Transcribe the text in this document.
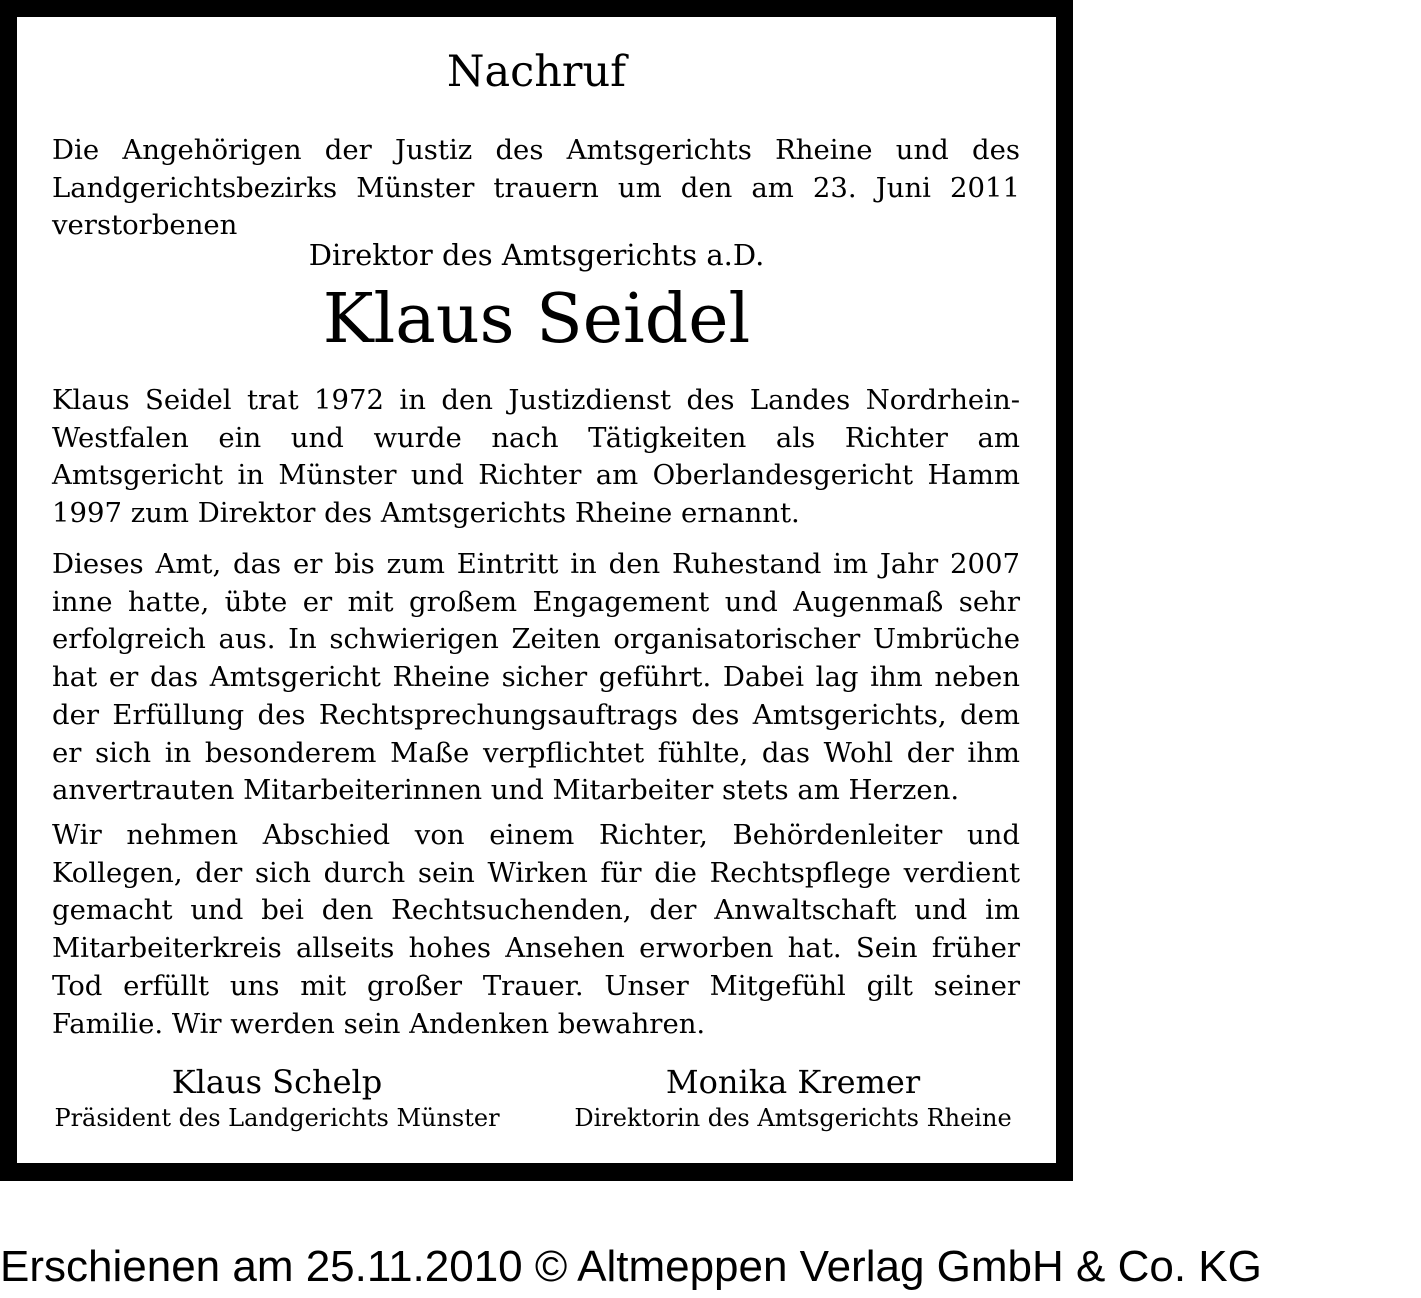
Nachruf
Die Angehörigen der Justiz des Amtsgerichts Rheine und des Landgerichtsbezirks Münster trauern um den am 23. Juni 2011 verstorbenen
Direktor des Amtsgerichts a.D.
Klaus Seidel
Klaus Seidel trat 1972 in den Justizdienst des Landes Nordrhein-Westfalen ein und wurde nach Tätigkeiten als Richter am Amtsgericht in Münster und Richter am Oberlandesgericht Hamm 1997 zum Direktor des Amtsgerichts Rheine ernannt.
Dieses Amt, das er bis zum Eintritt in den Ruhestand im Jahr 2007 inne hatte, übte er mit großem Engagement und Augenmaß sehr erfolgreich aus. In schwierigen Zeiten organisatorischer Umbrüche hat er das Amtsgericht Rheine sicher geführt. Dabei lag ihm neben der Erfüllung des Rechtsprechungsauftrags des Amtsgerichts, dem er sich in besonderem Maße verpflichtet fühlte, das Wohl der ihm anvertrauten Mitarbeiterinnen und Mitarbeiter stets am Herzen.
Wir nehmen Abschied von einem Richter, Behördenleiter und Kollegen, der sich durch sein Wirken für die Rechtspflege verdient gemacht und bei den Rechtsuchenden, der Anwaltschaft und im Mitarbeiterkreis allseits hohes Ansehen erworben hat. Sein früher Tod erfüllt uns mit großer Trauer. Unser Mitgefühl gilt seiner Familie. Wir werden sein Andenken bewahren.
Klaus Schelp
Präsident des Landgerichts Münster
Monika Kremer
Direktorin des Amtsgerichts Rheine
Erschienen am 25.11.2010 © Altmeppen Verlag GmbH & Co. KG
